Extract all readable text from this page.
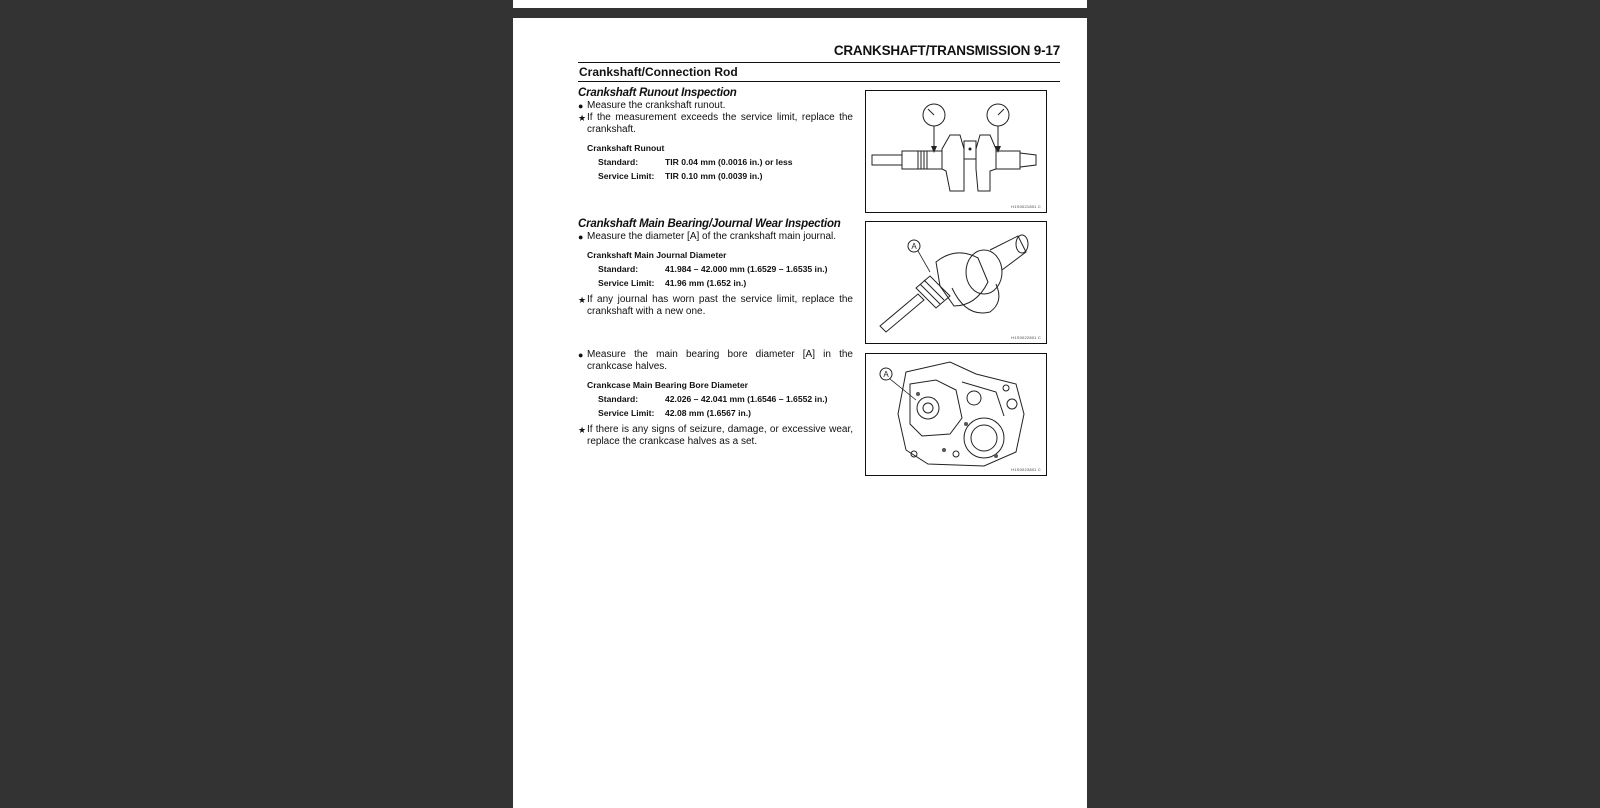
CRANKSHAFT/TRANSMISSION 9-17
Crankshaft/Connection Rod
Crankshaft Runout Inspection
● Measure the crankshaft runout.
★ If the measurement exceeds the service limit, replace the crankshaft.
Crankshaft Runout
Standard:	TIR 0.04 mm (0.0016 in.) or less
Service Limit:	TIR 0.10 mm (0.0039 in.)
H1S0021801 C
Crankshaft Main Bearing/Journal Wear Inspection
● Measure the diameter [A] of the crankshaft main journal.
Crankshaft Main Journal Diameter
Standard:	41.984 – 42.000 mm (1.6529 – 1.6535 in.)
Service Limit:	41.96 mm (1.652 in.)
★ If any journal has worn past the service limit, replace the crankshaft with a new one.
A
H1S0022801 C
● Measure the main bearing bore diameter [A] in the crankcase halves.
Crankcase Main Bearing Bore Diameter
Standard:	42.026 – 42.041 mm (1.6546 – 1.6552 in.)
Service Limit:	42.08 mm (1.6567 in.)
★ If there is any signs of seizure, damage, or excessive wear, replace the crankcase halves as a set.
A
H1S0023801 C
